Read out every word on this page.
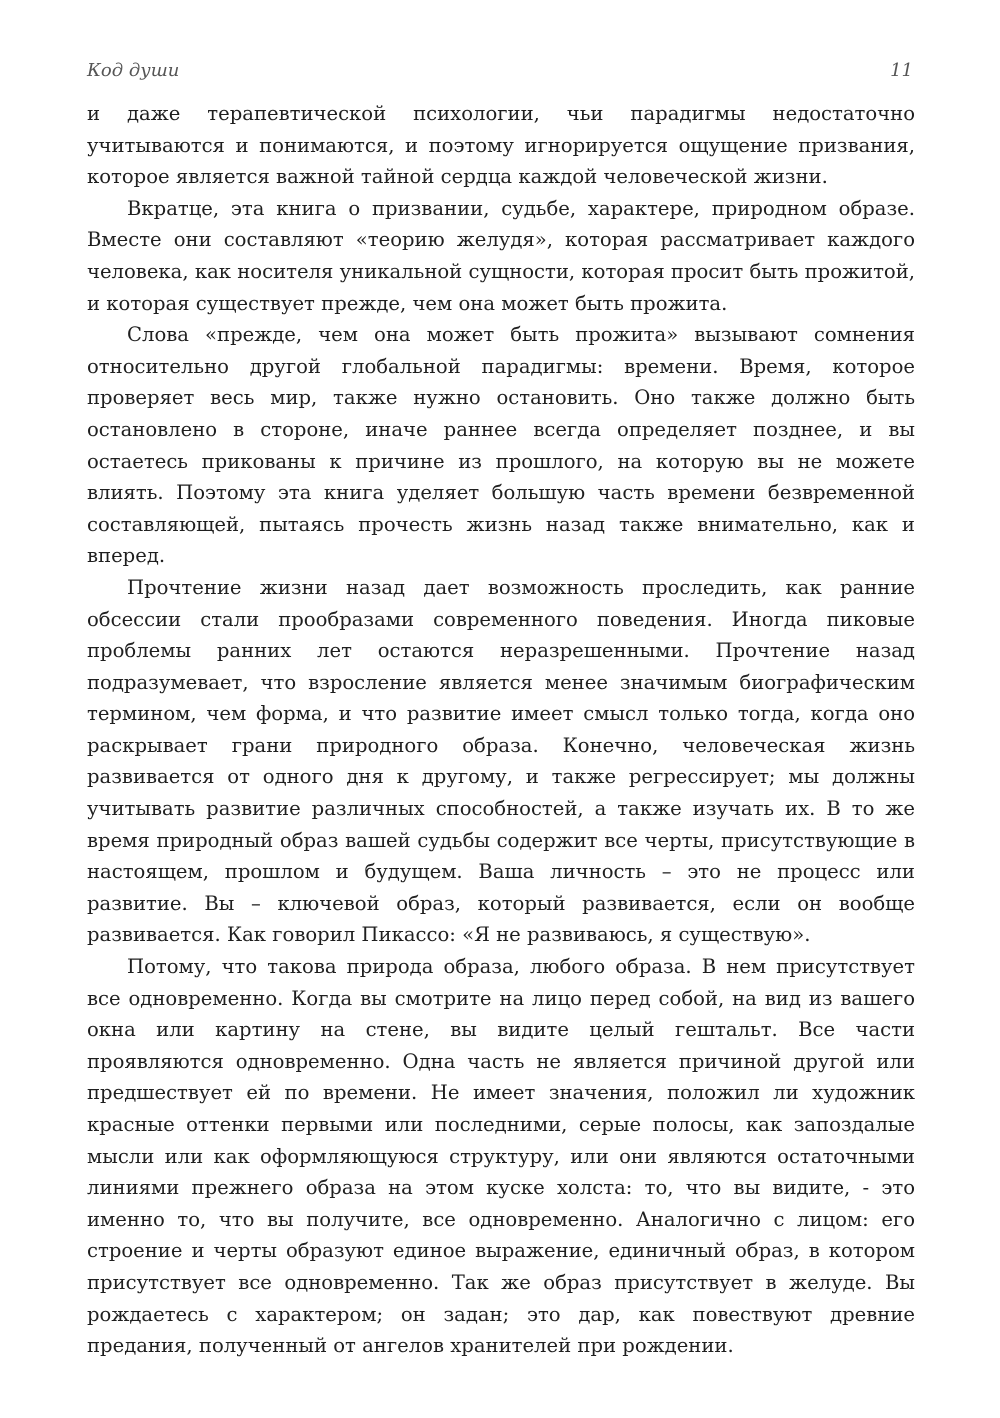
Код души	11

и даже терапевтической психологии, чьи парадигмы недостаточно учитываются и понимаются, и поэтому игнорируется ощущение призвания, которое является важной тайной сердца каждой человеческой жизни.

Вкратце, эта книга о призвании, судьбе, характере, природном образе. Вместе они составляют «теорию желудя», которая рассматривает каждого человека, как носителя уникальной сущности, которая просит быть прожитой, и которая существует прежде, чем она может быть прожита.

Слова «прежде, чем она может быть прожита» вызывают сомнения относительно другой глобальной парадигмы: времени. Время, которое проверяет весь мир, также нужно остановить. Оно также должно быть остановлено в стороне, иначе раннее всегда определяет позднее, и вы остаетесь прикованы к причине из прошлого, на которую вы не можете влиять. Поэтому эта книга уделяет большую часть времени безвременной составляющей, пытаясь прочесть жизнь назад также внимательно, как и вперед.

Прочтение жизни назад дает возможность проследить, как ранние обсессии стали прообразами современного поведения. Иногда пиковые проблемы ранних лет остаются неразрешенными. Прочтение назад подразумевает, что взросление является менее значимым биографическим термином, чем форма, и что развитие имеет смысл только тогда, когда оно раскрывает грани природного образа. Конечно, человеческая жизнь развивается от одного дня к другому, и также регрессирует; мы должны учитывать развитие различных способностей, а также изучать их. В то же время природный образ вашей судьбы содержит все черты, присутствующие в настоящем, прошлом и будущем. Ваша личность – это не процесс или развитие. Вы – ключевой образ, который развивается, если он вообще развивается. Как говорил Пикассо: «Я не развиваюсь, я существую».

Потому, что такова природа образа, любого образа. В нем присутствует все одновременно. Когда вы смотрите на лицо перед собой, на вид из вашего окна или картину на стене, вы видите целый гештальт. Все части проявляются одновременно. Одна часть не является причиной другой или предшествует ей по времени. Не имеет значения, положил ли художник красные оттенки первыми или последними, серые полосы, как запоздалые мысли или как оформляющуюся структуру, или они являются остаточными линиями прежнего образа на этом куске холста: то, что вы видите, - это именно то, что вы получите, все одновременно. Аналогично с лицом: его строение и черты образуют единое выражение, единичный образ, в котором присутствует все одновременно. Так же образ присутствует в желуде. Вы рождаетесь с характером; он задан; это дар, как повествуют древние предания, полученный от ангелов хранителей при рождении.
